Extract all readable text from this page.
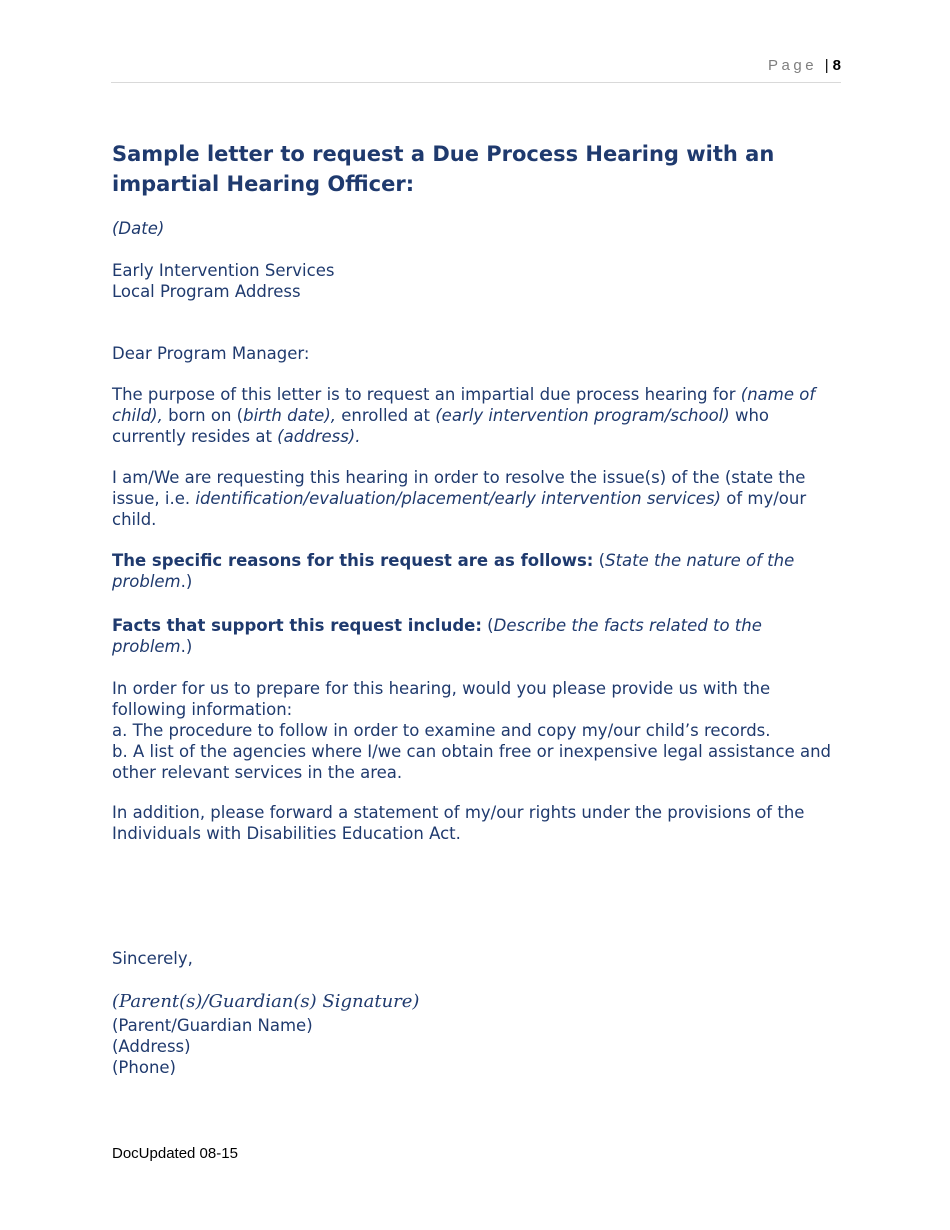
Page | 8
Sample letter to request a Due Process Hearing with an impartial Hearing Officer:

(Date)

Early Intervention Services
Local Program Address

Dear Program Manager:

The purpose of this letter is to request an impartial due process hearing for (name of child), born on (birth date), enrolled at (early intervention program/school) who currently resides at (address).

I am/We are requesting this hearing in order to resolve the issue(s) of the (state the issue, i.e. identification/evaluation/placement/early intervention services) of my/our child.

The specific reasons for this request are as follows: (State the nature of the problem.)

Facts that support this request include: (Describe the facts related to the problem.)

In order for us to prepare for this hearing, would you please provide us with the following information:
a. The procedure to follow in order to examine and copy my/our child’s records.
b. A list of the agencies where I/we can obtain free or inexpensive legal assistance and other relevant services in the area.

In addition, please forward a statement of my/our rights under the provisions of the Individuals with Disabilities Education Act.

Sincerely,

(Parent(s)/Guardian(s) Signature)

(Parent/Guardian Name)
(Address)
(Phone)

DocUpdated 08-15
